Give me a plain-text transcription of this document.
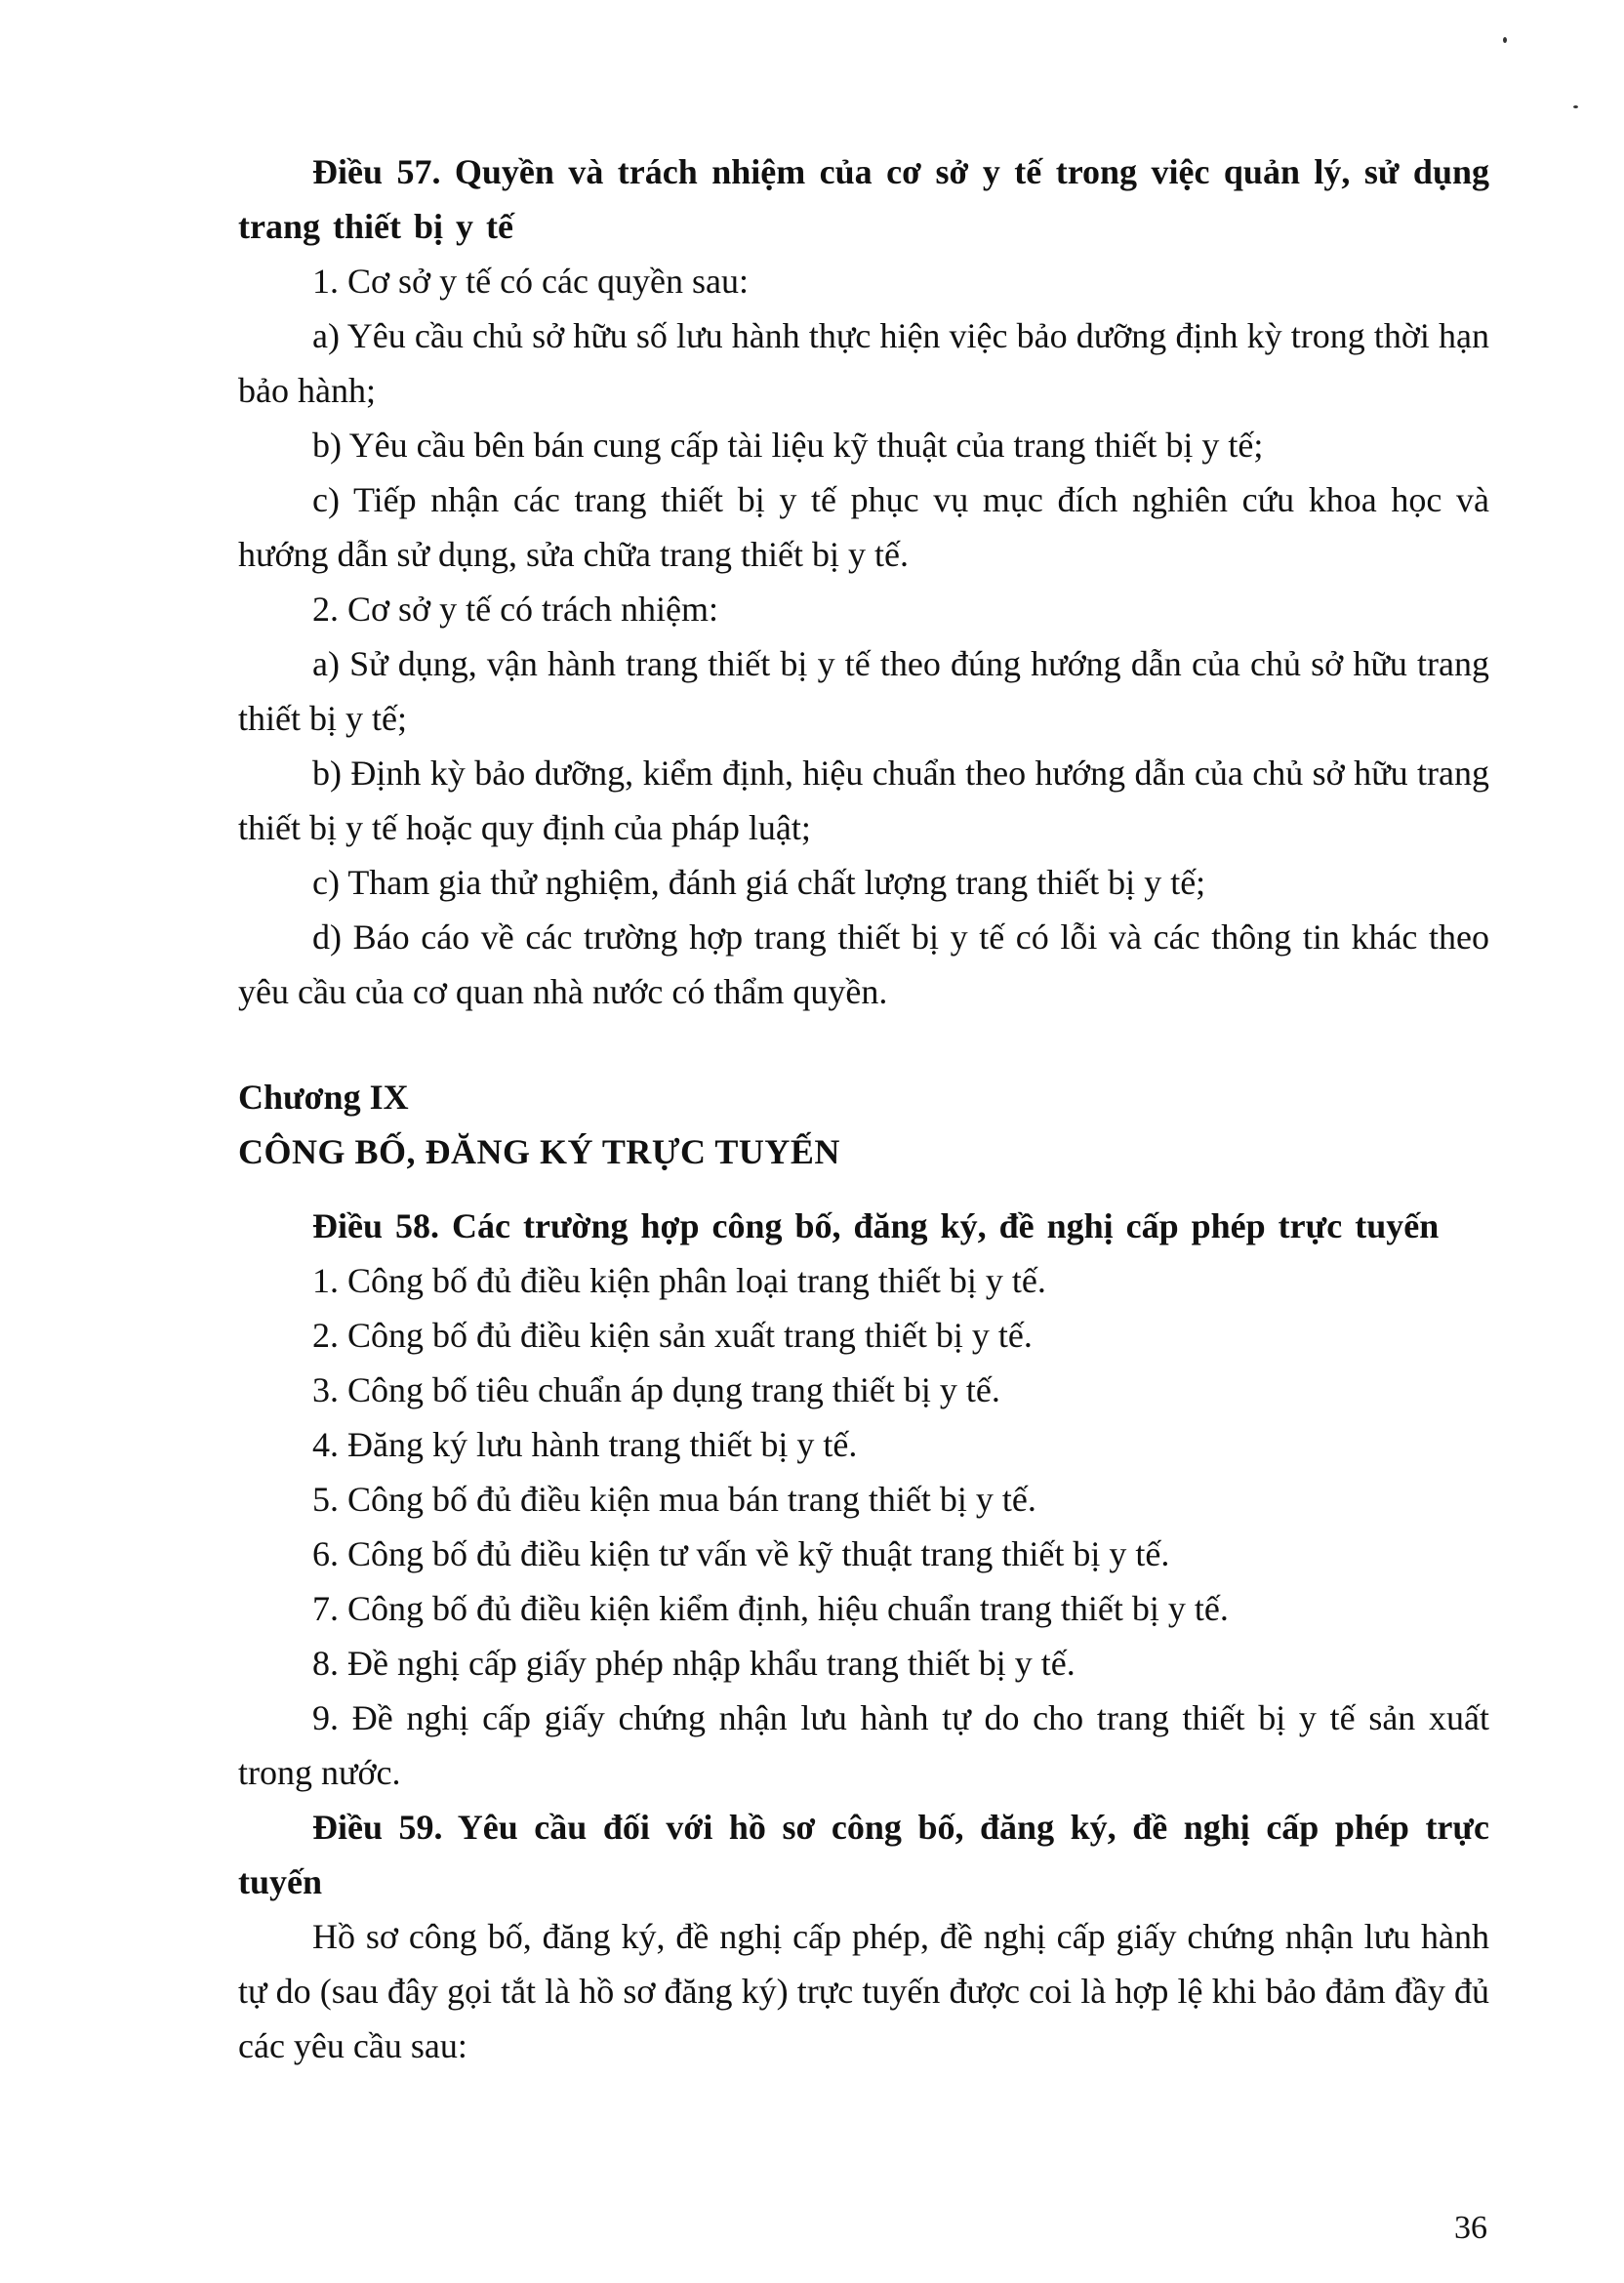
Điều 57. Quyền và trách nhiệm của cơ sở y tế trong việc quản lý, sử dụng trang thiết bị y tế

1. Cơ sở y tế có các quyền sau:

a) Yêu cầu chủ sở hữu số lưu hành thực hiện việc bảo dưỡng định kỳ trong thời hạn bảo hành;

b) Yêu cầu bên bán cung cấp tài liệu kỹ thuật của trang thiết bị y tế;

c) Tiếp nhận các trang thiết bị y tế phục vụ mục đích nghiên cứu khoa học và hướng dẫn sử dụng, sửa chữa trang thiết bị y tế.

2. Cơ sở y tế có trách nhiệm:

a) Sử dụng, vận hành trang thiết bị y tế theo đúng hướng dẫn của chủ sở hữu trang thiết bị y tế;

b) Định kỳ bảo dưỡng, kiểm định, hiệu chuẩn theo hướng dẫn của chủ sở hữu trang thiết bị y tế hoặc quy định của pháp luật;

c) Tham gia thử nghiệm, đánh giá chất lượng trang thiết bị y tế;

d) Báo cáo về các trường hợp trang thiết bị y tế có lỗi và các thông tin khác theo yêu cầu của cơ quan nhà nước có thẩm quyền.

Chương IX

CÔNG BỐ, ĐĂNG KÝ TRỰC TUYẾN

Điều 58. Các trường hợp công bố, đăng ký, đề nghị cấp phép trực tuyến

1. Công bố đủ điều kiện phân loại trang thiết bị y tế.

2. Công bố đủ điều kiện sản xuất trang thiết bị y tế.

3. Công bố tiêu chuẩn áp dụng trang thiết bị y tế.

4. Đăng ký lưu hành trang thiết bị y tế.

5. Công bố đủ điều kiện mua bán trang thiết bị y tế.

6. Công bố đủ điều kiện tư vấn về kỹ thuật trang thiết bị y tế.

7. Công bố đủ điều kiện kiểm định, hiệu chuẩn trang thiết bị y tế.

8. Đề nghị cấp giấy phép nhập khẩu trang thiết bị y tế.

9. Đề nghị cấp giấy chứng nhận lưu hành tự do cho trang thiết bị y tế sản xuất trong nước.

Điều 59. Yêu cầu đối với hồ sơ công bố, đăng ký, đề nghị cấp phép trực tuyến

Hồ sơ công bố, đăng ký, đề nghị cấp phép, đề nghị cấp giấy chứng nhận lưu hành tự do (sau đây gọi tắt là hồ sơ đăng ký) trực tuyến được coi là hợp lệ khi bảo đảm đầy đủ các yêu cầu sau:

36
